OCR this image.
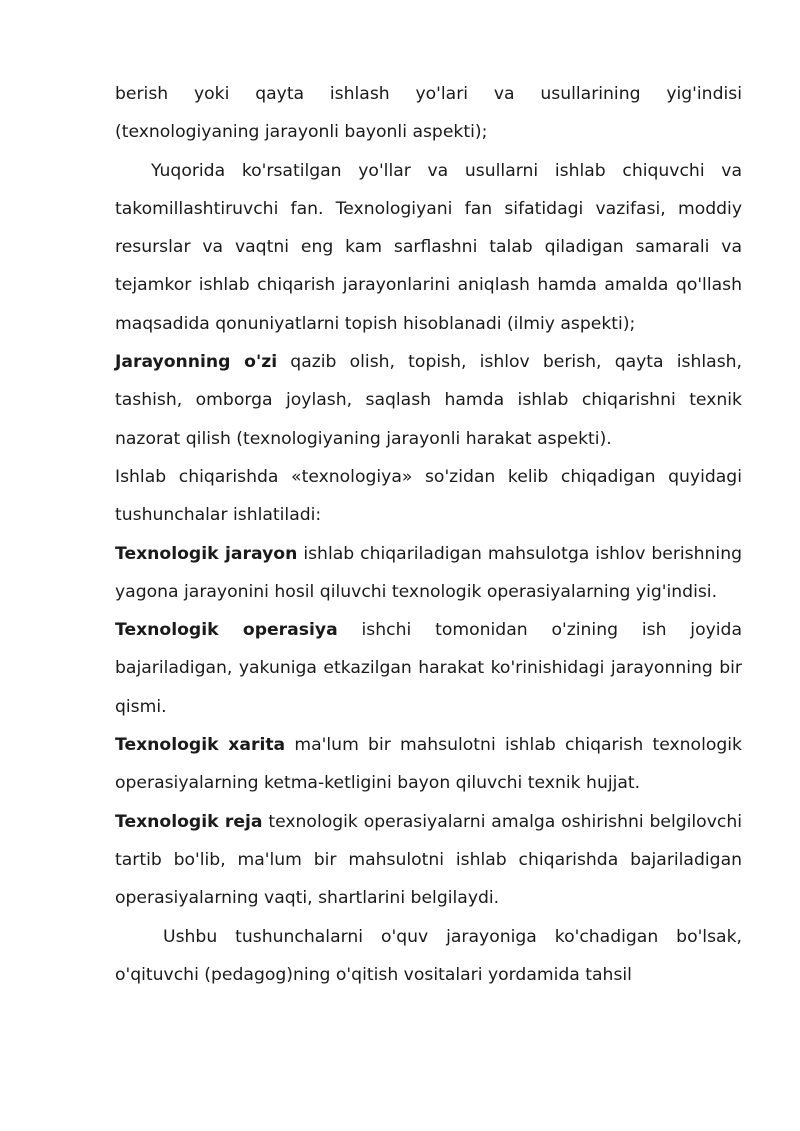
berish yoki qayta ishlash yo'lari va usullarining yig'indisi (texnologiyaning jarayonli bayonli aspekti);

Yuqorida ko'rsatilgan yo'llar va usullarni ishlab chiquvchi va takomillashtiruvchi fan. Texnologiyani fan sifatidagi vazifasi, moddiy resurslar va vaqtni eng kam sarflashni talab qiladigan samarali va tejamkor ishlab chiqarish jarayonlarini aniqlash hamda amalda qo'llash maqsadida qonuniyatlarni topish hisoblanadi (ilmiy aspekti);

Jarayonning o'zi qazib olish, topish, ishlov berish, qayta ishlash, tashish, omborga joylash, saqlash hamda ishlab chiqarishni texnik nazorat qilish (texnologiyaning jarayonli harakat aspekti).

Ishlab chiqarishda «texnologiya» so'zidan kelib chiqadigan quyidagi tushunchalar ishlatiladi:

Texnologik jarayon ishlab chiqariladigan mahsulotga ishlov berishning yagona jarayonini hosil qiluvchi texnologik operasiyalarning yig'indisi.

Texnologik operasiya ishchi tomonidan o'zining ish joyida bajariladigan, yakuniga etkazilgan harakat ko'rinishidagi jarayonning bir qismi.

Texnologik xarita ma'lum bir mahsulotni ishlab chiqarish texnologik operasiyalarning ketma-ketligini bayon qiluvchi texnik hujjat.

Texnologik reja texnologik operasiyalarni amalga oshirishni belgilovchi tartib bo'lib, ma'lum bir mahsulotni ishlab chiqarishda bajariladigan operasiyalarning vaqti, shartlarini belgilaydi.

Ushbu tushunchalarni o'quv jarayoniga ko'chadigan bo'lsak, o'qituvchi (pedagog)ning o'qitish vositalari yordamida tahsil
